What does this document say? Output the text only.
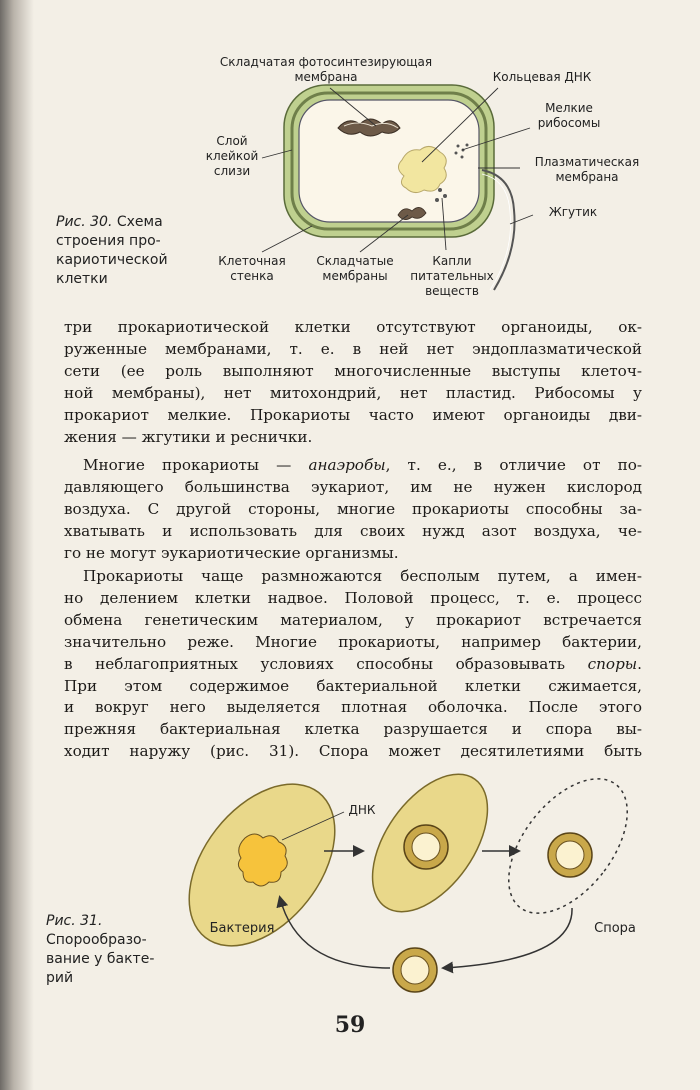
Складчатая фотосинтезирующая
мембрана	Кольцевая ДНК
Мелкие
рибосомы
Слой
клейкой
слизи
Плазматическая
мембрана
Жгутик
Клеточная
стенка
Складчатые
мембраны
Капли
питательных
веществ
Рис. 30. Схема
строения про-
кариотической
клетки
три прокариотической клетки отсутствуют органоиды, ок-
руженные мембранами, т. е. в ней нет эндоплазматической
сети (ее роль выполняют многочисленные выступы клеточ-
ной мембраны), нет митохондрий, нет пластид. Рибосомы у
прокариот мелкие. Прокариоты часто имеют органоиды дви-
жения — жгутики и реснички.
Многие прокариоты — анаэробы, т. е., в отличие от по-
давляющего большинства эукариот, им не нужен кислород
воздуха. С другой стороны, многие прокариоты способны за-
хватывать и использовать для своих нужд азот воздуха, че-
го не могут эукариотические организмы.
Прокариоты чаще размножаются бесполым путем, а имен-
но делением клетки надвое. Половой процесс, т. е. процесс
обмена генетическим материалом, у прокариот встречается
значительно реже. Многие прокариоты, например бактерии,
в неблагоприятных условиях способны образовывать споры.
При этом содержимое бактериальной клетки сжимается,
и вокруг него выделяется плотная оболочка. После этого
прежняя бактериальная клетка разрушается и спора вы-
ходит наружу (рис. 31). Спора может десятилетиями быть
ДНК
Бактерия	Спора
Рис. 31.
Спорообразо-
вание у бакте-
рий
59
